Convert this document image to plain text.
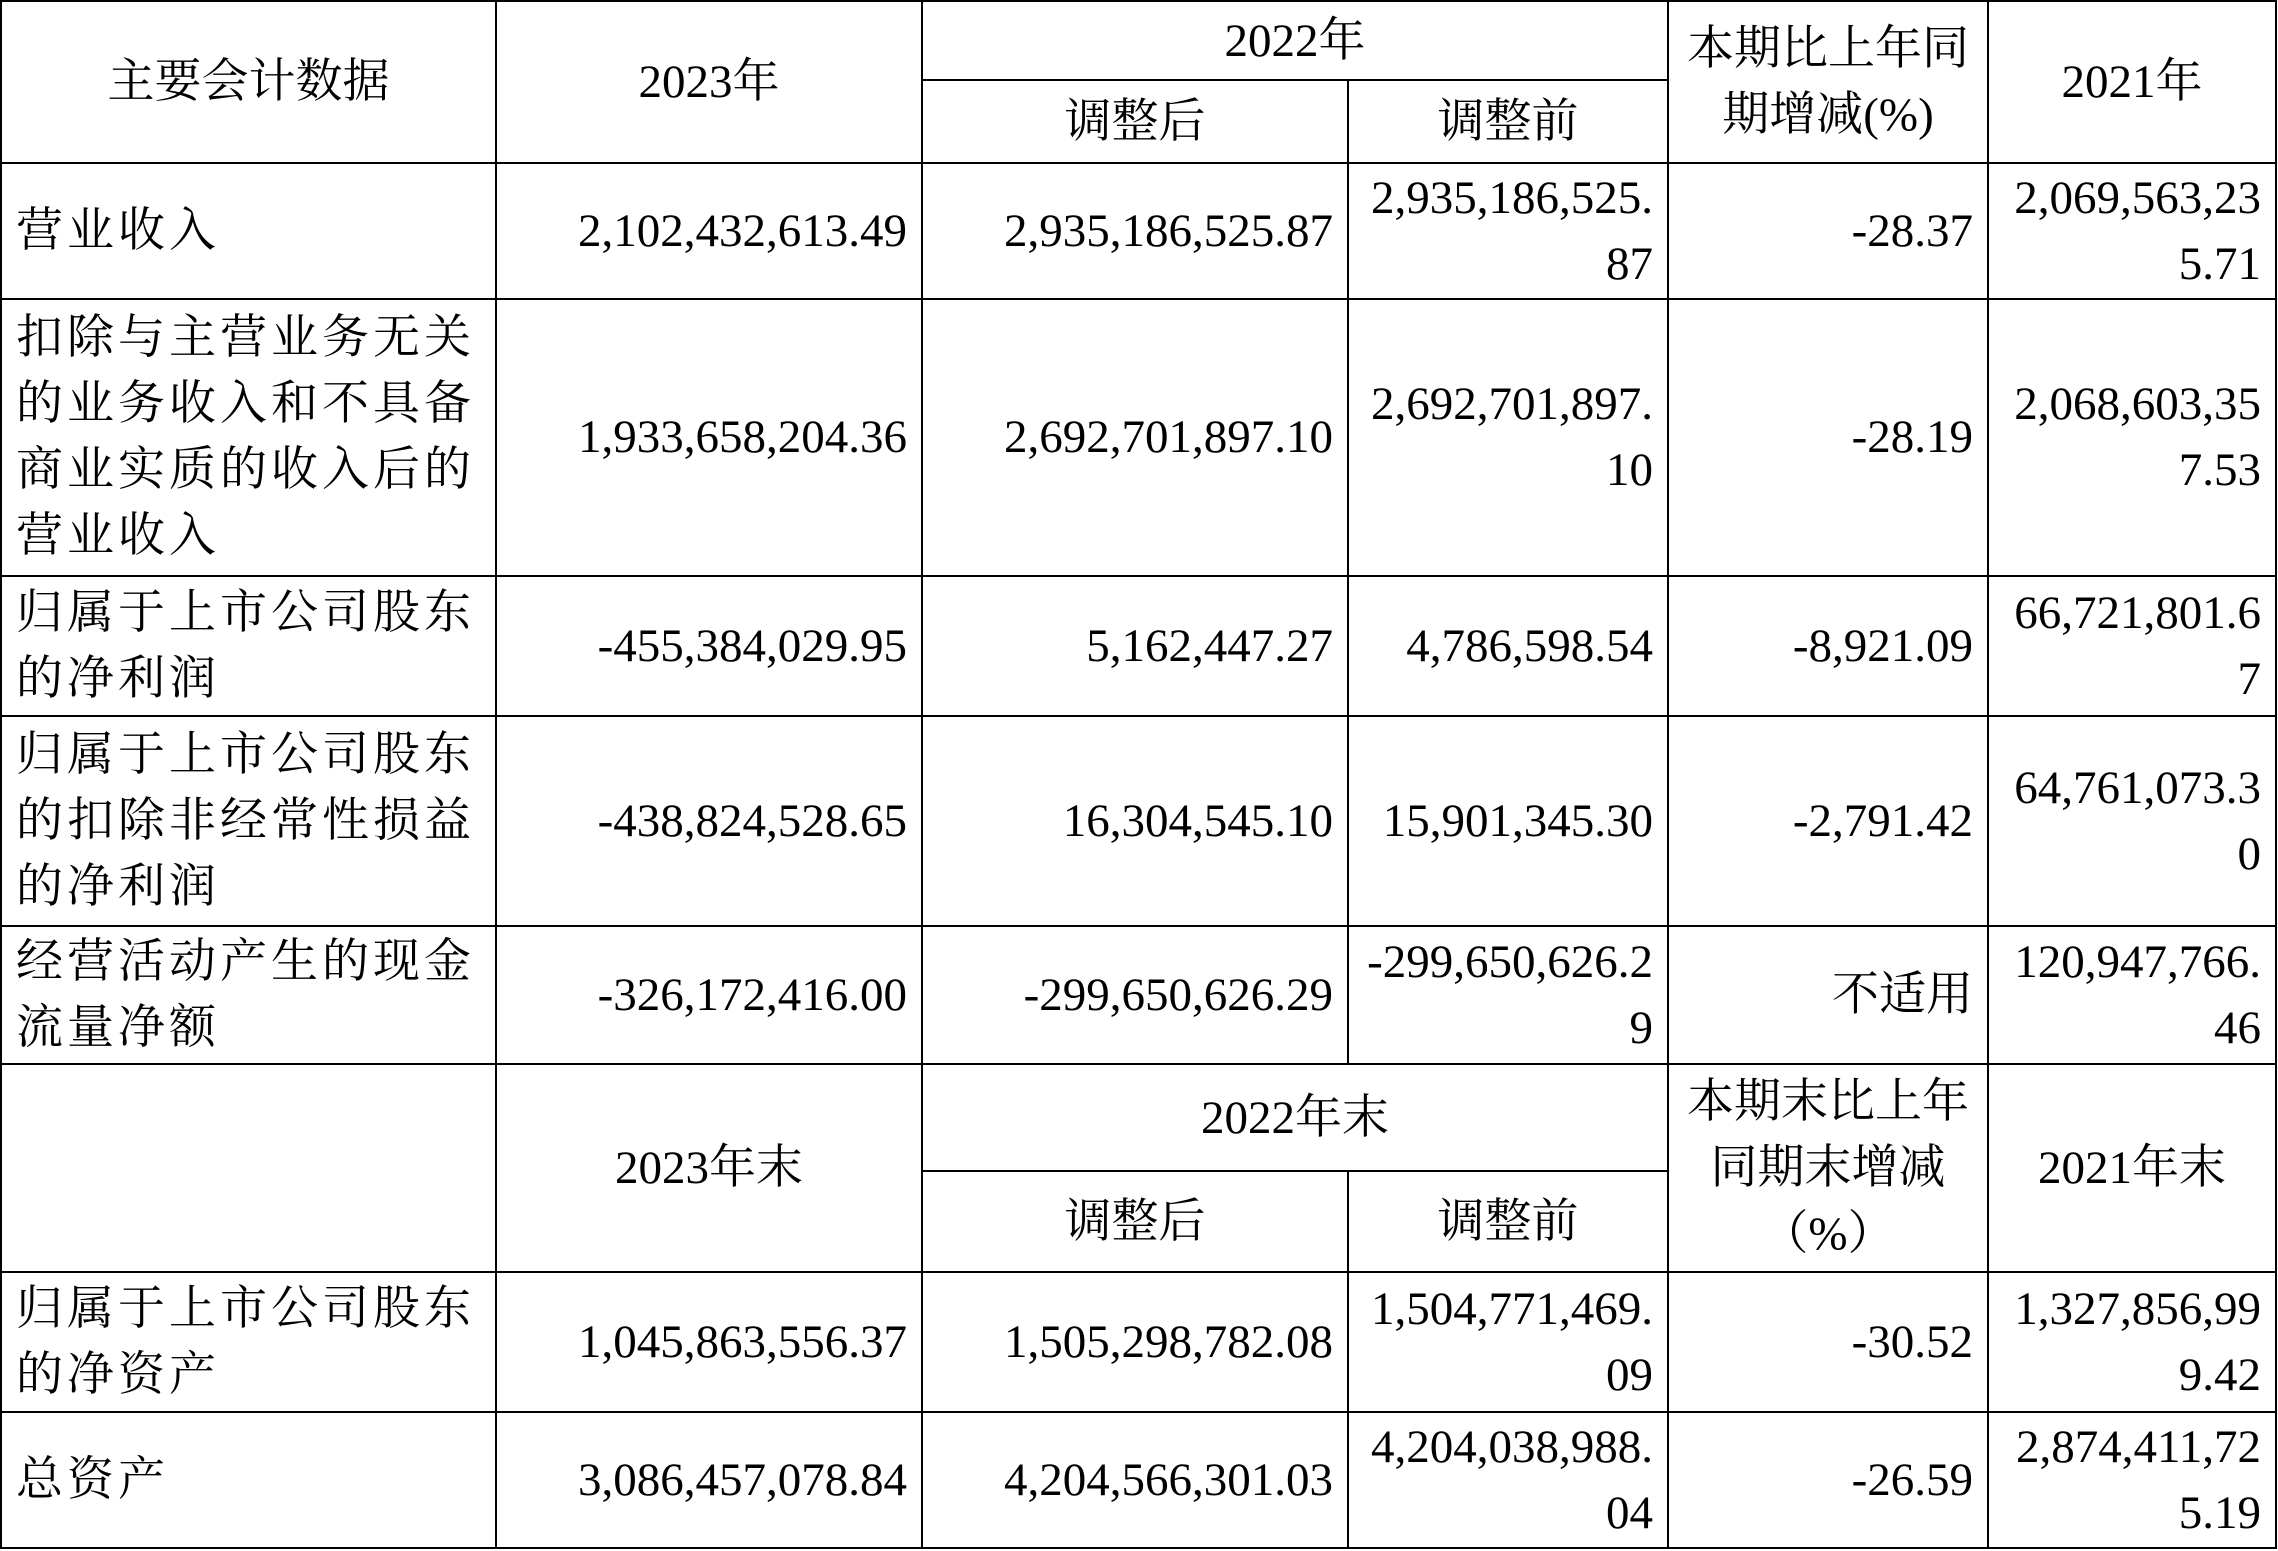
主要会计数据	2023年	2022年		本期比上年同期增减(%)	2021年
		调整后	调整前		
营业收入	2,102,432,613.49	2,935,186,525.87	2,935,186,525.87	-28.37	2,069,563,235.71
扣除与主营业务无关的业务收入和不具备商业实质的收入后的营业收入	1,933,658,204.36	2,692,701,897.10	2,692,701,897.10	-28.19	2,068,603,357.53
归属于上市公司股东的净利润	-455,384,029.95	5,162,447.27	4,786,598.54	-8,921.09	66,721,801.67
归属于上市公司股东的扣除非经常性损益的净利润	-438,824,528.65	16,304,545.10	15,901,345.30	-2,791.42	64,761,073.30
经营活动产生的现金流量净额	-326,172,416.00	-299,650,626.29	-299,650,626.29	不适用	120,947,766.46
	2023年末	2022年末		本期末比上年同期末增减（%）	2021年末
		调整后	调整前		
归属于上市公司股东的净资产	1,045,863,556.37	1,505,298,782.08	1,504,771,469.09	-30.52	1,327,856,999.42
总资产	3,086,457,078.84	4,204,566,301.03	4,204,038,988.04	-26.59	2,874,411,725.19
